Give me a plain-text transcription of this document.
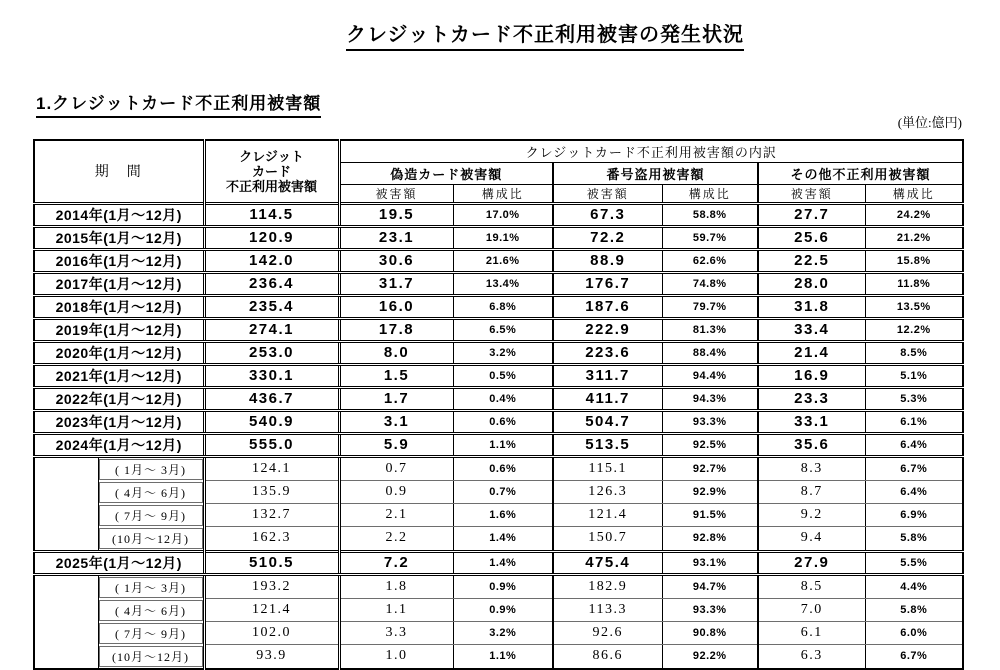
クレジットカード不正利用被害の発生状況
1.クレジットカード不正利用被害額
(単位:億円)
期　間		クレジット
カード
不正利用被害額	クレジットカード不正利用被害額の内訳					
			偽造カード被害額		番号盗用被害額		その他不正利用被害額	
			被害額	構成比	被害額	構成比	被害額	構成比
2014年(1月～12月)		114.5	19.5	17.0%	67.3	58.8%	27.7	24.2%
2015年(1月～12月)		120.9	23.1	19.1%	72.2	59.7%	25.6	21.2%
2016年(1月～12月)		142.0	30.6	21.6%	88.9	62.6%	22.5	15.8%
2017年(1月～12月)		236.4	31.7	13.4%	176.7	74.8%	28.0	11.8%
2018年(1月～12月)		235.4	16.0	6.8%	187.6	79.7%	31.8	13.5%
2019年(1月～12月)		274.1	17.8	6.5%	222.9	81.3%	33.4	12.2%
2020年(1月～12月)		253.0	8.0	3.2%	223.6	88.4%	21.4	8.5%
2021年(1月～12月)		330.1	1.5	0.5%	311.7	94.4%	16.9	5.1%
2022年(1月～12月)		436.7	1.7	0.4%	411.7	94.3%	23.3	5.3%
2023年(1月～12月)		540.9	3.1	0.6%	504.7	93.3%	33.1	6.1%
2024年(1月～12月)		555.0	5.9	1.1%	513.5	92.5%	35.6	6.4%

	( 1月～ 3月)	124.1	0.7	0.6%	115.1	92.7%	8.3	6.7%

	( 4月～ 6月)	135.9	0.9	0.7%	126.3	92.9%	8.7	6.4%

	( 7月～ 9月)	132.7	2.1	1.6%	121.4	91.5%	9.2	6.9%

	(10月～12月)	162.3	2.2	1.4%	150.7	92.8%	9.4	5.8%
2025年(1月～12月)		510.5	7.2	1.4%	475.4	93.1%	27.9	5.5%

	( 1月～ 3月)	193.2	1.8	0.9%	182.9	94.7%	8.5	4.4%

	( 4月～ 6月)	121.4	1.1	0.9%	113.3	93.3%	7.0	5.8%

	( 7月～ 9月)	102.0	3.3	3.2%	92.6	90.8%	6.1	6.0%

	(10月～12月)	93.9	1.0	1.1%	86.6	92.2%	6.3	6.7%
